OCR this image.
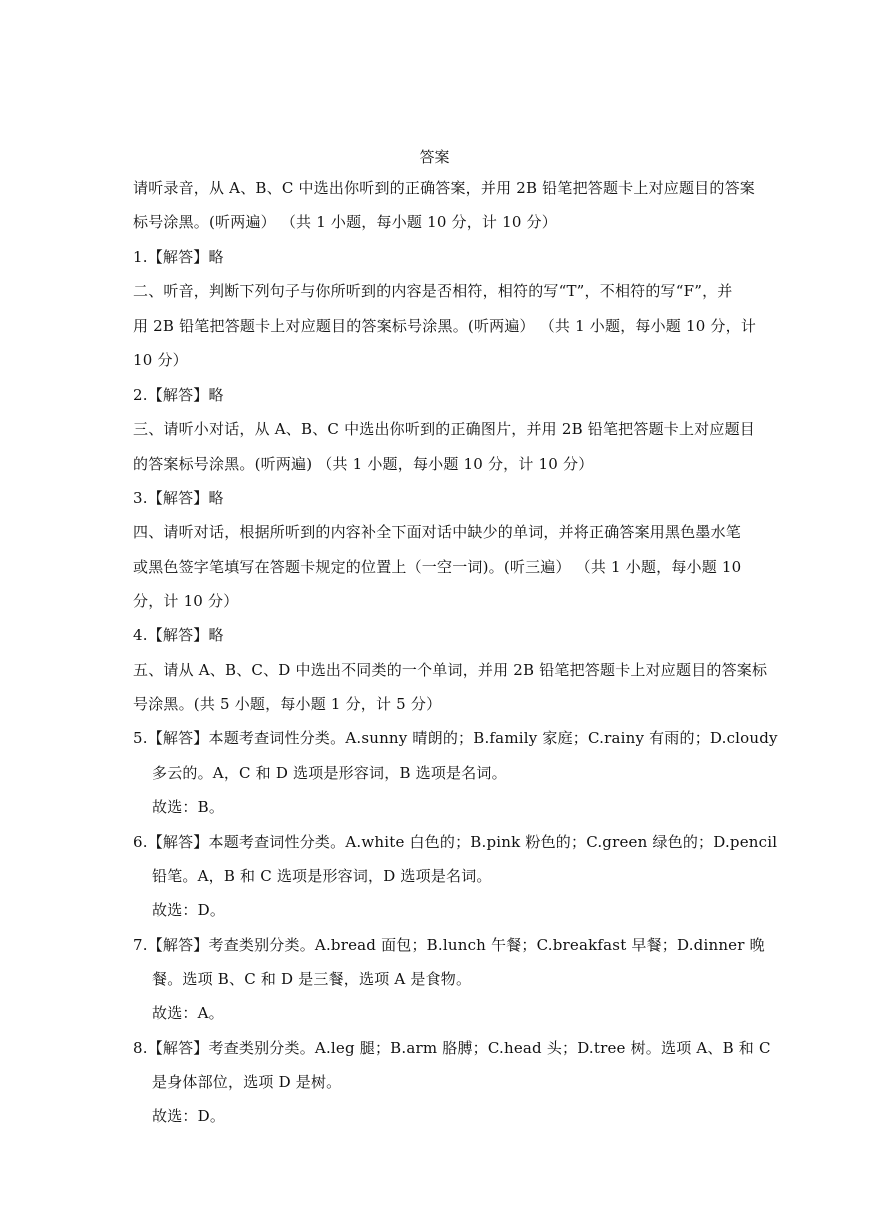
答案
请听录音，从 A、B、C 中选出你听到的正确答案，并用 2B 铅笔把答题卡上对应题目的答案
标号涂黑。(听两遍） （共 1 小题，每小题 10 分，计 10 分）
1.【解答】略
二、听音，判断下列句子与你所听到的内容是否相符，相符的写“T”，不相符的写“F”，并
用 2B 铅笔把答题卡上对应题目的答案标号涂黑。(听两遍） （共 1 小题，每小题 10 分，计
10 分）
2.【解答】略
三、请听小对话，从 A、B、C 中选出你听到的正确图片，并用 2B 铅笔把答题卡上对应题目
的答案标号涂黑。(听两遍) （共 1 小题，每小题 10 分，计 10 分）
3.【解答】略
四、请听对话，根据所听到的内容补全下面对话中缺少的单词，并将正确答案用黑色墨水笔
或黑色签字笔填写在答题卡规定的位置上（一空一词)。(听三遍） （共 1 小题，每小题 10
分，计 10 分）
4.【解答】略
五、请从 A、B、C、D 中选出不同类的一个单词，并用 2B 铅笔把答题卡上对应题目的答案标
号涂黑。(共 5 小题，每小题 1 分，计 5 分）
5.【解答】本题考查词性分类。A.sunny 晴朗的；B.family 家庭；C.rainy 有雨的；D.cloudy
多云的。A，C 和 D 选项是形容词，B 选项是名词。
故选：B。
6.【解答】本题考查词性分类。A.white 白色的；B.pink 粉色的；C.green 绿色的；D.pencil
铅笔。A，B 和 C 选项是形容词，D 选项是名词。
故选：D。
7.【解答】考查类别分类。A.bread 面包；B.lunch 午餐；C.breakfast 早餐；D.dinner 晚
餐。选项 B、C 和 D 是三餐，选项 A 是食物。
故选：A。
8.【解答】考查类别分类。A.leg 腿；B.arm 胳膊；C.head 头；D.tree 树。选项 A、B 和 C
是身体部位，选项 D 是树。
故选：D。
